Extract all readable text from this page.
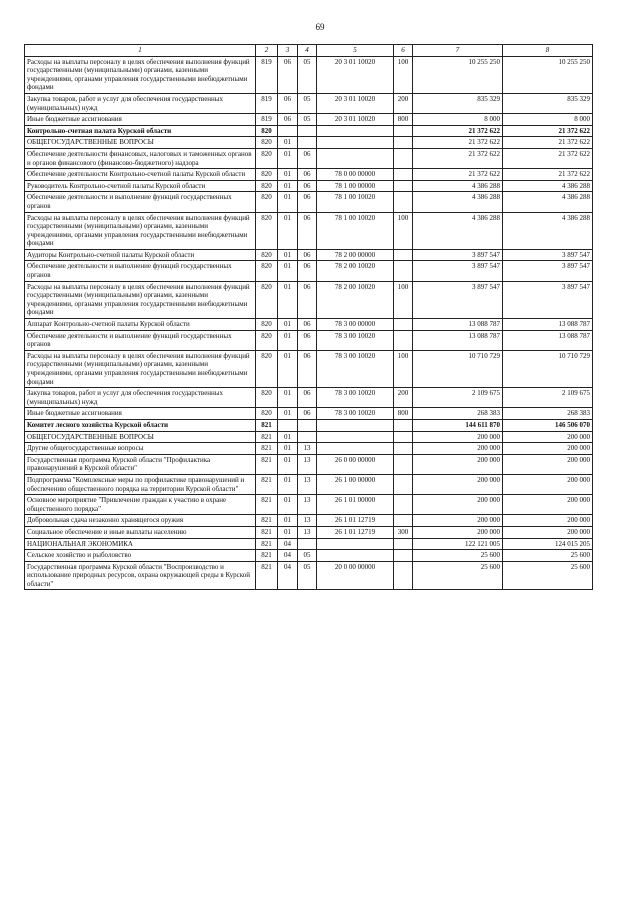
69
1	2	3	4	5	6	7	8
Расходы на выплаты персоналу в целях обеспечения выполнения функций государственными (муниципальными) органами, казенными учреждениями, органами управления государственными внебюджетными фондами	819	06	05	20 3 01 10020	100	10 255 250	10 255 250
Закупка товаров, работ и услуг для обеспечения государственных (муниципальных) нужд	819	06	05	20 3 01 10020	200	835 329	835 329
Иные бюджетные ассигнования	819	06	05	20 3 01 10020	800	8 000	8 000
Контрольно-счетная палата Курской области	820					21 372 622	21 372 622
ОБЩЕГОСУДАРСТВЕННЫЕ ВОПРОСЫ	820	01				21 372 622	21 372 622
Обеспечение деятельности финансовых, налоговых и таможенных органов и органов финансового (финансово-бюджетного) надзора	820	01	06			21 372 622	21 372 622
Обеспечение деятельности Контрольно-счетной палаты Курской области	820	01	06	78 0 00 00000		21 372 622	21 372 622
Руководитель Контрольно-счетной палаты Курской области	820	01	06	78 1 00 00000		4 386 288	4 386 288
Обеспечение деятельности и выполнение функций государственных органов	820	01	06	78 1 00 10020		4 386 288	4 386 288
Расходы на выплаты персоналу в целях обеспечения выполнения функций государственными (муниципальными) органами, казенными учреждениями, органами управления государственными внебюджетными фондами	820	01	06	78 1 00 10020	100	4 386 288	4 386 288
Аудиторы Контрольно-счетной палаты Курской области	820	01	06	78 2 00 00000		3 897 547	3 897 547
Обеспечение деятельности и выполнение функций государственных органов	820	01	06	78 2 00 10020		3 897 547	3 897 547
Расходы на выплаты персоналу в целях обеспечения выполнения функций государственными (муниципальными) органами, казенными учреждениями, органами управления государственными внебюджетными фондами	820	01	06	78 2 00 10020	100	3 897 547	3 897 547
Аппарат Контрольно-счетной палаты Курской области	820	01	06	78 3 00 00000		13 088 787	13 088 787
Обеспечение деятельности и выполнение функций государственных органов	820	01	06	78 3 00 10020		13 088 787	13 088 787
Расходы на выплаты персоналу в целях обеспечения выполнения функций государственными (муниципальными) органами, казенными учреждениями, органами управления государственными внебюджетными фондами	820	01	06	78 3 00 10020	100	10 710 729	10 710 729
Закупка товаров, работ и услуг для обеспечения государственных (муниципальных) нужд	820	01	06	78 3 00 10020	200	2 109 675	2 109 675
Иные бюджетные ассигнования	820	01	06	78 3 00 10020	800	268 383	268 383
Комитет лесного хозяйства Курской области	821					144 611 870	146 506 070
ОБЩЕГОСУДАРСТВЕННЫЕ ВОПРОСЫ	821	01				200 000	200 000
Другие общегосударственные вопросы	821	01	13			200 000	200 000
Государственная программа Курской области "Профилактика правонарушений в Курской области"	821	01	13	26 0 00 00000		200 000	200 000
Подпрограмма "Комплексные меры по профилактике правонарушений и обеспечению общественного порядка на территории Курской области"	821	01	13	26 1 00 00000		200 000	200 000
Основное мероприятие "Привлечение граждан к участию в охране общественного порядка"	821	01	13	26 1 01 00000		200 000	200 000
Добровольная сдача незаконно хранящегося оружия	821	01	13	26 1 01 12719		200 000	200 000
Социальное обеспечение и иные выплаты населению	821	01	13	26 1 01 12719	300	200 000	200 000
НАЦИОНАЛЬНАЯ ЭКОНОМИКА	821	04				122 121 005	124 015 205
Сельское хозяйство и рыболовство	821	04	05			25 600	25 600
Государственная программа Курской области "Воспроизводство и использование природных ресурсов, охрана окружающей среды в Курской области"	821	04	05	20 0 00 00000		25 600	25 600
